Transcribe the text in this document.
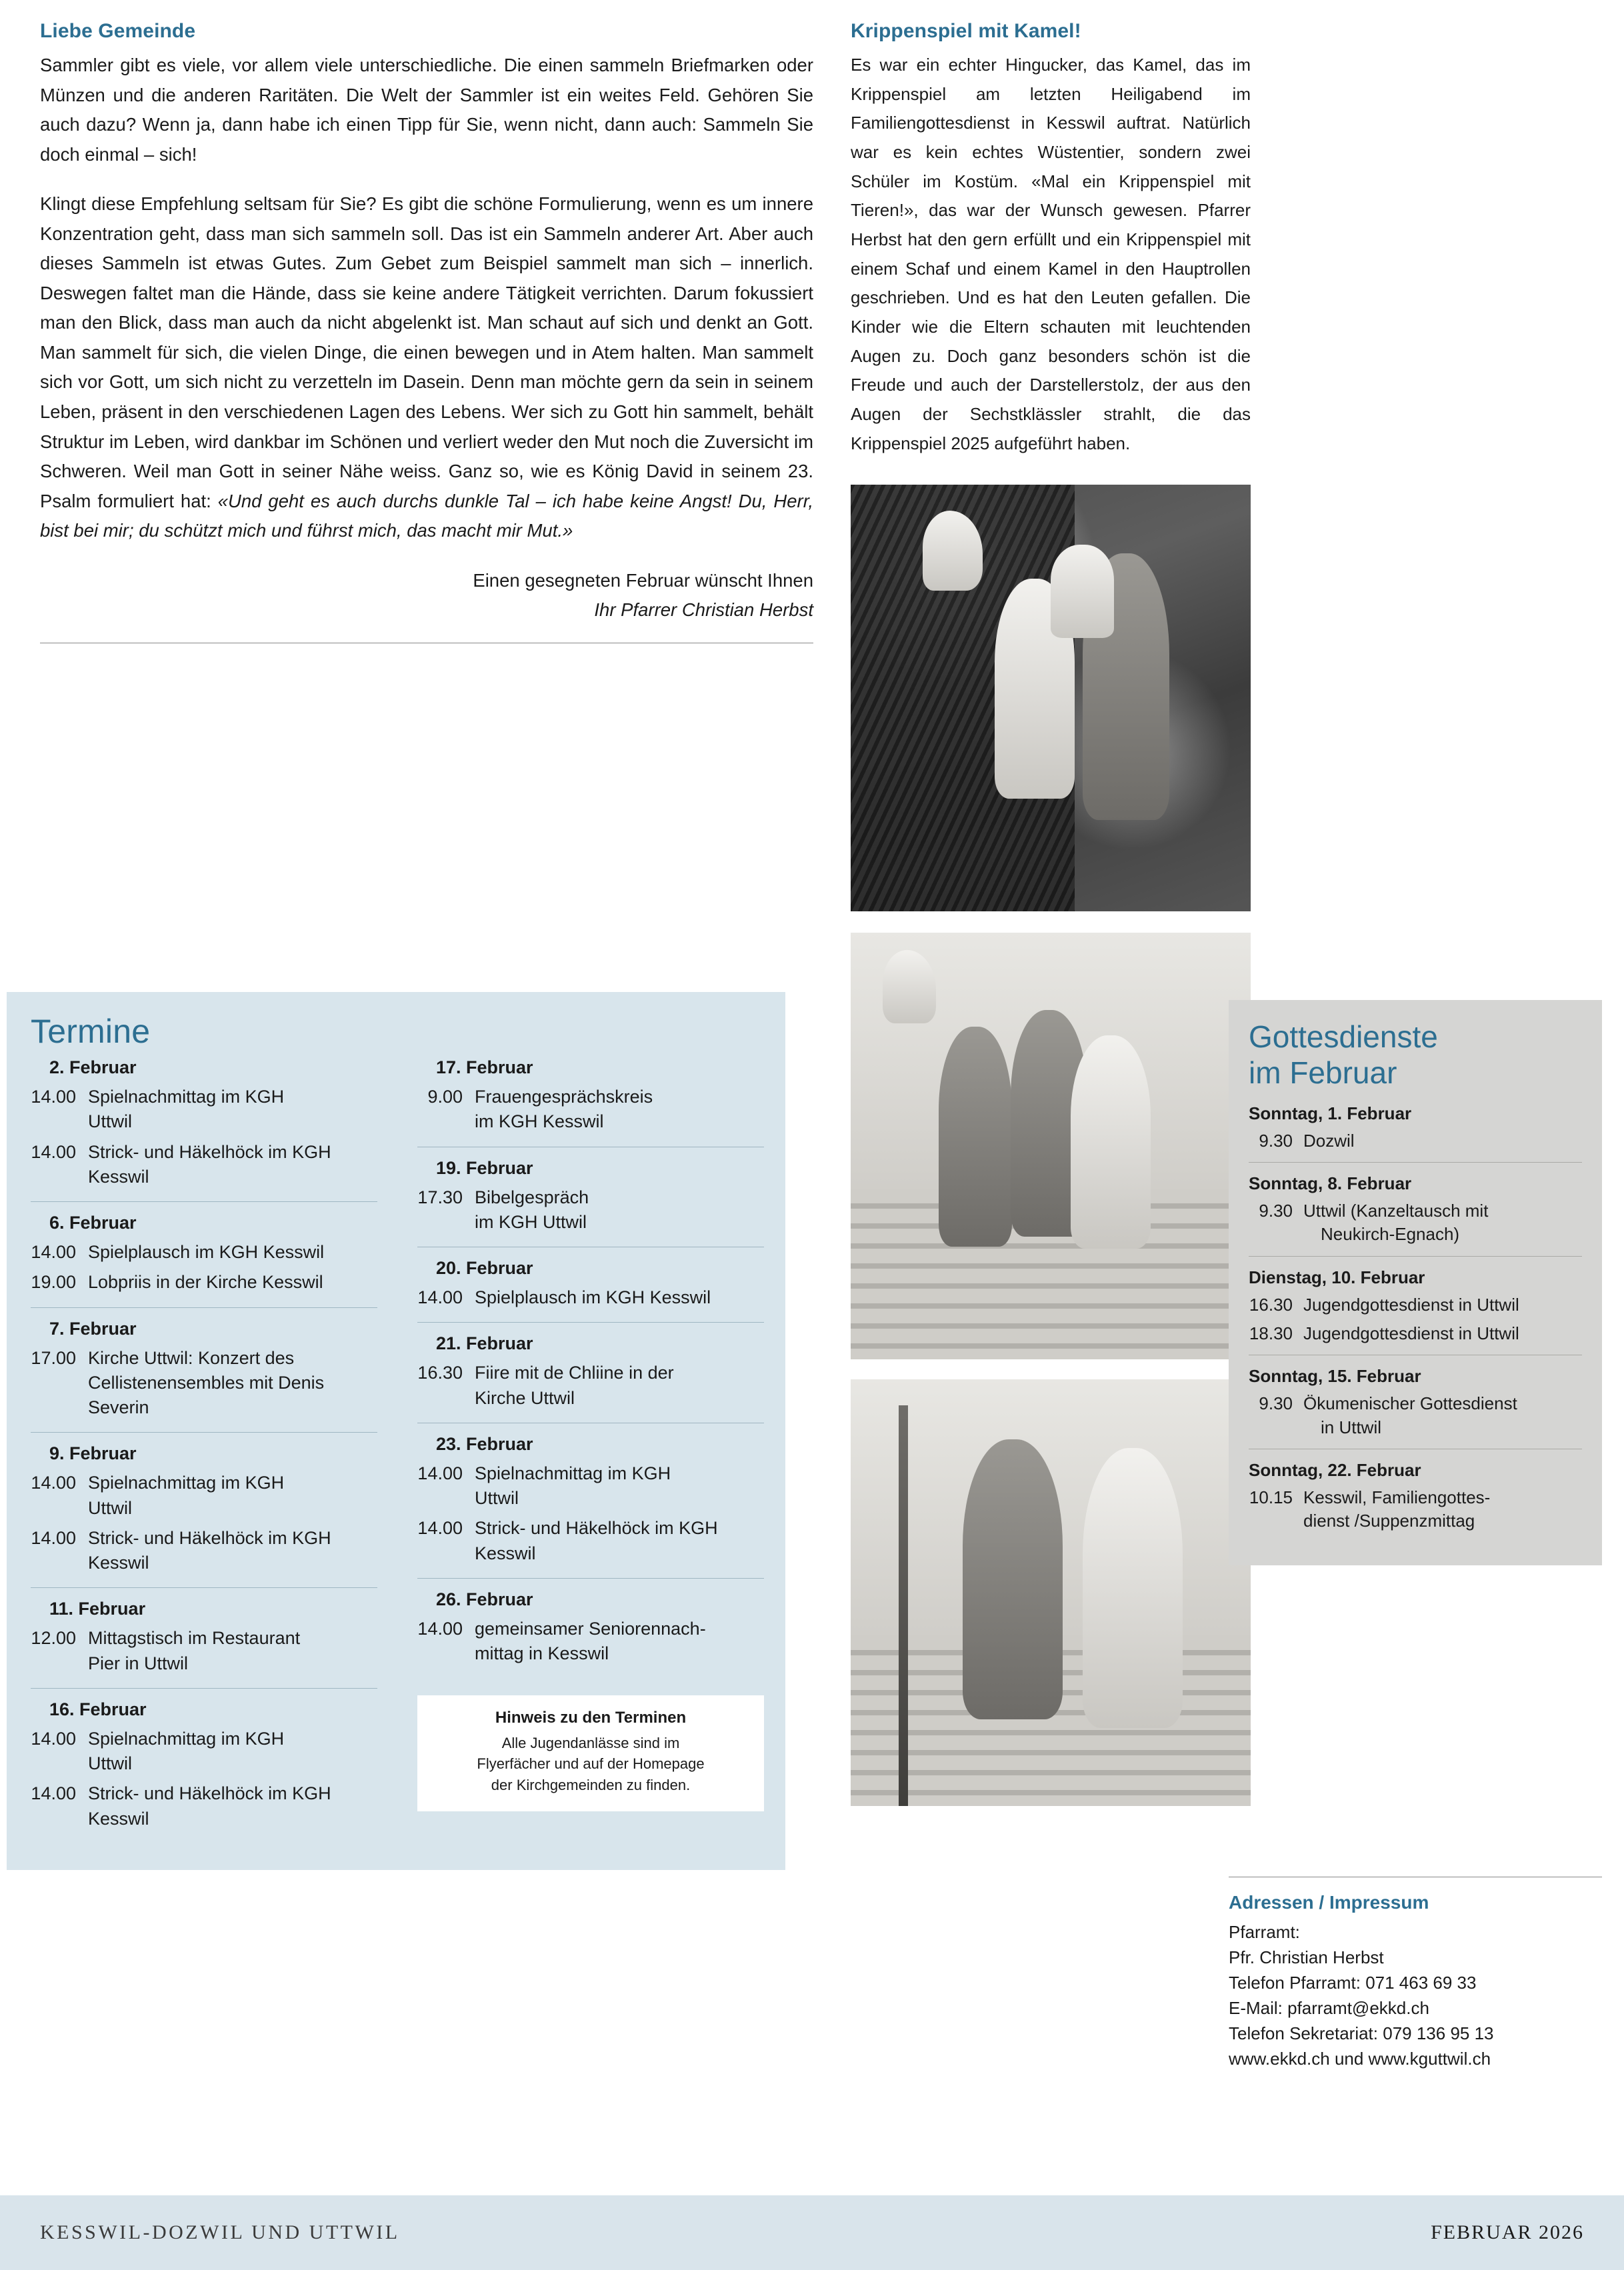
Liebe Gemeinde

Sammler gibt es viele, vor allem viele unterschiedliche. Die einen sammeln Briefmarken oder Münzen und die anderen Raritäten. Die Welt der Sammler ist ein weites Feld. Gehören Sie auch dazu? Wenn ja, dann habe ich einen Tipp für Sie, wenn nicht, dann auch: Sammeln Sie doch einmal – sich!

Klingt diese Empfehlung seltsam für Sie? Es gibt die schöne Formulierung, wenn es um innere Konzentration geht, dass man sich sammeln soll. Das ist ein Sammeln anderer Art. Aber auch dieses Sammeln ist etwas Gutes. Zum Gebet zum Beispiel sammelt man sich – innerlich. Deswegen faltet man die Hände, dass sie keine andere Tätigkeit verrichten. Darum fokussiert man den Blick, dass man auch da nicht abgelenkt ist. Man schaut auf sich und denkt an Gott. Man sammelt für sich, die vielen Dinge, die einen bewegen und in Atem halten. Man sammelt sich vor Gott, um sich nicht zu verzetteln im Dasein. Denn man möchte gern da sein in seinem Leben, präsent in den verschiedenen Lagen des Lebens. Wer sich zu Gott hin sammelt, behält Struktur im Leben, wird dankbar im Schönen und verliert weder den Mut noch die Zuversicht im Schweren. Weil man Gott in seiner Nähe weiss. Ganz so, wie es König David in seinem 23. Psalm formuliert hat: «Und geht es auch durchs dunkle Tal – ich habe keine Angst! Du, Herr, bist bei mir; du schützt mich und führst mich, das macht mir Mut.»

Einen gesegneten Februar wünscht Ihnen
Ihr Pfarrer Christian Herbst
Krippenspiel mit Kamel!

Es war ein echter Hingucker, das Kamel, das im Krippenspiel am letzten Heiligabend im Familiengottesdienst in Kesswil auftrat. Natürlich war es kein echtes Wüstentier, sondern zwei Schüler im Kostüm. «Mal ein Krippenspiel mit Tieren!», das war der Wunsch gewesen. Pfarrer Herbst hat den gern erfüllt und ein Krippenspiel mit einem Schaf und einem Kamel in den Hauptrollen geschrieben. Und es hat den Leuten gefallen. Die Kinder wie die Eltern schauten mit leuchtenden Augen zu. Doch ganz besonders schön ist die Freude und auch der Darstellerstolz, der aus den Augen der Sechstklässler strahlt, die das Krippenspiel 2025 aufgeführt haben.

Termine
2. Februar
14.00 Spielnachmittag im KGH
Uttwil
14.00 Strick- und Häkelhöck im KGH
Kesswil
6. Februar
14.00 Spielplausch im KGH Kesswil
19.00 Lobpriis in der Kirche Kesswil
7. Februar
17.00 Kirche Uttwil: Konzert des
Cellistenensembles mit Denis
Severin
9. Februar
14.00 Spielnachmittag im KGH
Uttwil
14.00 Strick- und Häkelhöck im KGH
Kesswil
11. Februar
12.00 Mittagstisch im Restaurant
Pier in Uttwil
16. Februar
14.00 Spielnachmittag im KGH
Uttwil
14.00 Strick- und Häkelhöck im KGH
Kesswil
17. Februar
9.00 Frauengesprächskreis
im KGH Kesswil
19. Februar
17.30 Bibelgespräch
im KGH Uttwil
20. Februar
14.00 Spielplausch im KGH Kesswil
21. Februar
16.30 Fiire mit de Chliine in der
Kirche Uttwil
23. Februar
14.00 Spielnachmittag im KGH
Uttwil
14.00 Strick- und Häkelhöck im KGH
Kesswil
26. Februar
14.00 gemeinsamer Seniorennach-
mittag in Kesswil
Hinweis zu den Terminen
Alle Jugendanlässe sind im
Flyerfächer und auf der Homepage
der Kirchgemeinden zu finden.
Gottesdienste
im Februar
Sonntag, 1. Februar
9.30 Dozwil
Sonntag, 8. Februar
9.30 Uttwil (Kanzeltausch mit
Neukirch-Egnach)
Dienstag, 10. Februar
16.30 Jugendgottesdienst in Uttwil
18.30 Jugendgottesdienst in Uttwil
Sonntag, 15. Februar
9.30 Ökumenischer Gottesdienst
in Uttwil
Sonntag, 22. Februar
10.15 Kesswil, Familiengottes-
dienst /Suppenzmittag
Adressen / Impressum

Pfarramt:

Pfr. Christian Herbst

Telefon Pfarramt: 071 463 69 33

E-Mail: pfarramt@ekkd.ch

Telefon Sekretariat: 079 136 95 13

www.ekkd.ch und www.kguttwil.ch

KESSWIL-DOZWIL UND UTTWIL	FEBRUAR 2026
